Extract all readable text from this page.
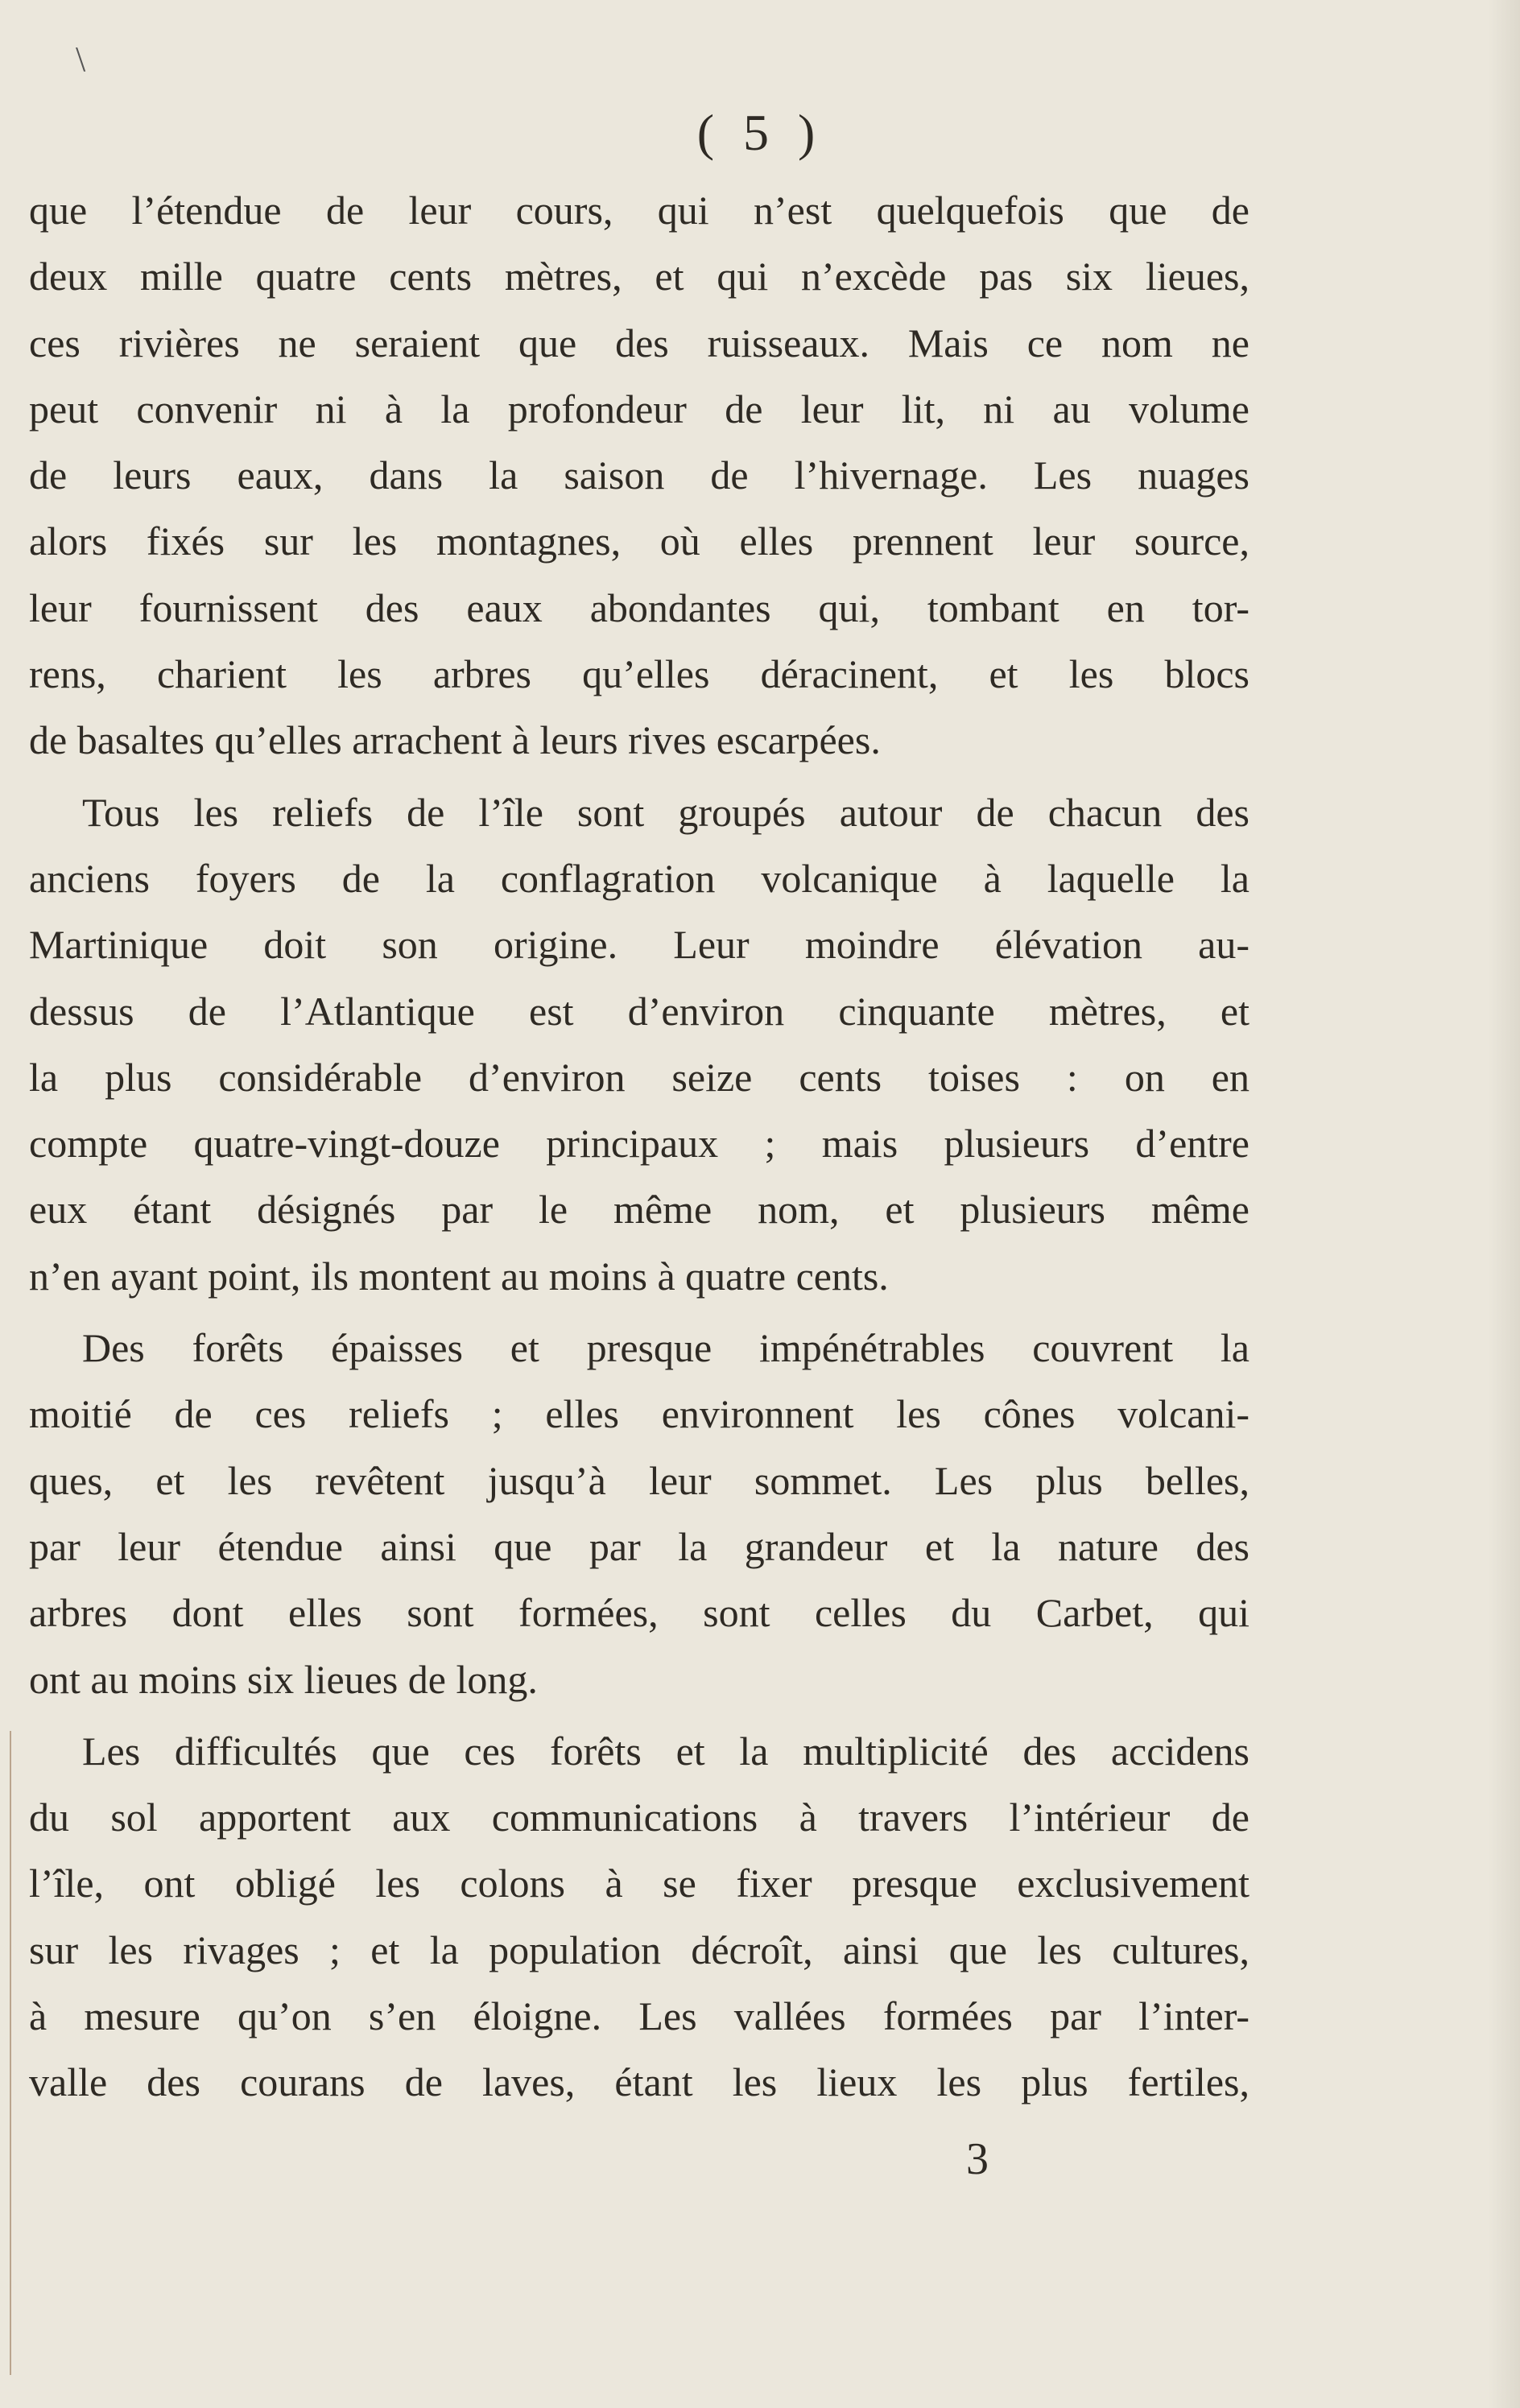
\
( 5 )
que l’étendue de leur cours, qui n’est quelquefois que de
deux mille quatre cents mètres, et qui n’excède pas six lieues,
ces rivières ne seraient que des ruisseaux. Mais ce nom ne
peut convenir ni à la profondeur de leur lit, ni au volume
de leurs eaux, dans la saison de l’hivernage. Les nuages
alors fixés sur les montagnes, où elles prennent leur source,
leur fournissent des eaux abondantes qui, tombant en tor-
rens, charient les arbres qu’elles déracinent, et les blocs
de basaltes qu’elles arrachent à leurs rives escarpées.
Tous les reliefs de l’île sont groupés autour de chacun des
anciens foyers de la conflagration volcanique à laquelle la
Martinique doit son origine. Leur moindre élévation au-
dessus de l’Atlantique est d’environ cinquante mètres, et
la plus considérable d’environ seize cents toises : on en
compte quatre-vingt-douze principaux ; mais plusieurs d’entre
eux étant désignés par le même nom, et plusieurs même
n’en ayant point, ils montent au moins à quatre cents.
Des forêts épaisses et presque impénétrables couvrent la
moitié de ces reliefs ; elles environnent les cônes volcani-
ques, et les revêtent jusqu’à leur sommet. Les plus belles,
par leur étendue ainsi que par la grandeur et la nature des
arbres dont elles sont formées, sont celles du Carbet, qui
ont au moins six lieues de long.
Les difficultés que ces forêts et la multiplicité des accidens
du sol apportent aux communications à travers l’intérieur de
l’île, ont obligé les colons à se fixer presque exclusivement
sur les rivages ; et la population décroît, ainsi que les cultures,
à mesure qu’on s’en éloigne. Les vallées formées par l’inter-
valle des courans de laves, étant les lieux les plus fertiles,
3
